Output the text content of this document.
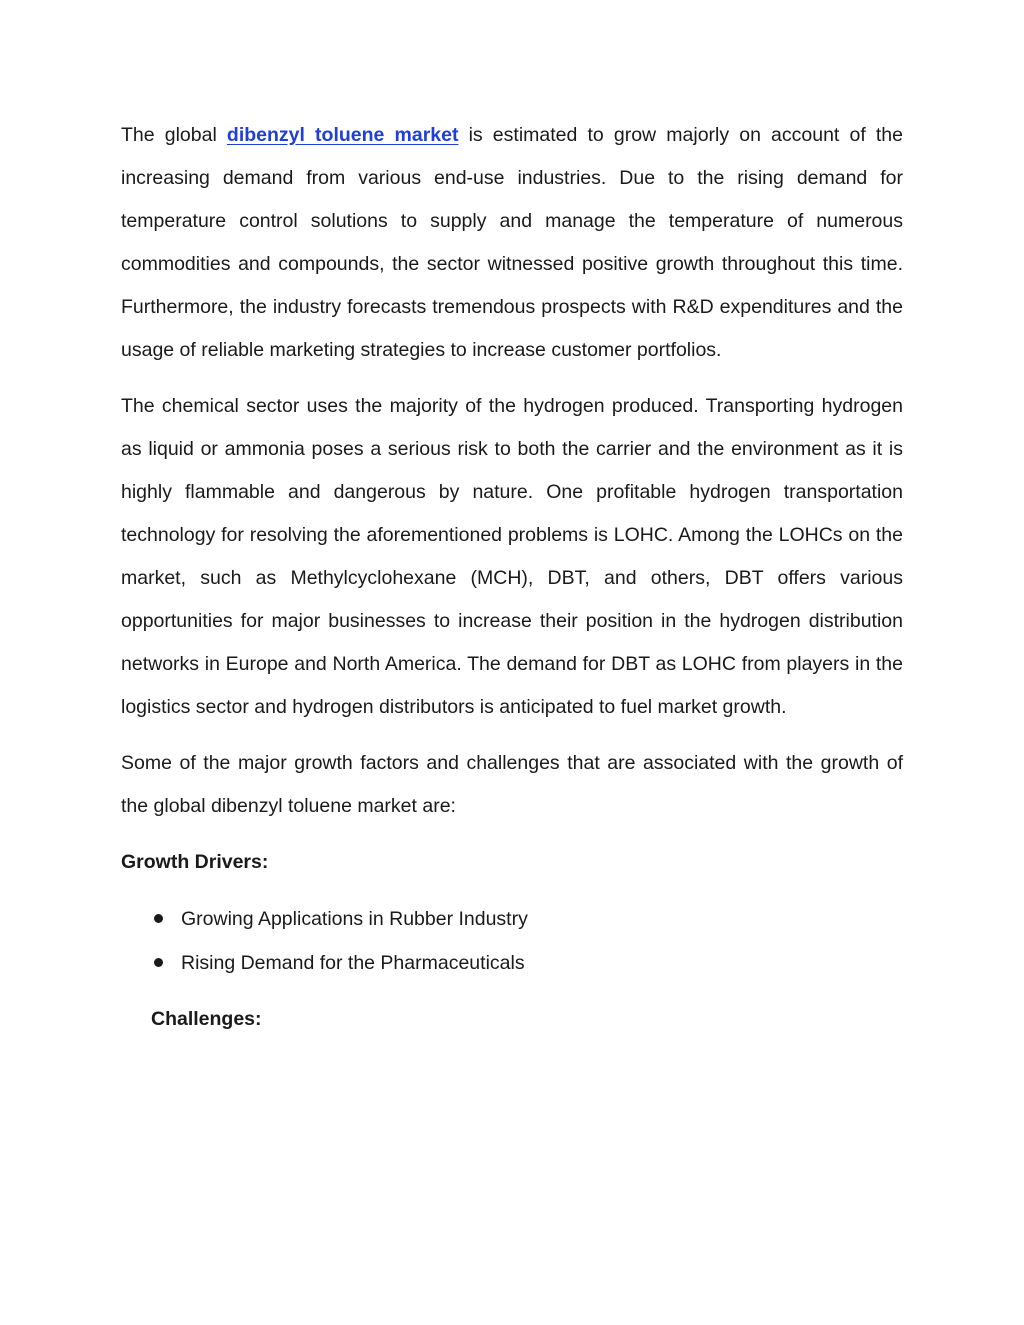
The global dibenzyl toluene market is estimated to grow majorly on account of the increasing demand from various end-use industries. Due to the rising demand for temperature control solutions to supply and manage the temperature of numerous commodities and compounds, the sector witnessed positive growth throughout this time. Furthermore, the industry forecasts tremendous prospects with R&D expenditures and the usage of reliable marketing strategies to increase customer portfolios.

The chemical sector uses the majority of the hydrogen produced. Transporting hydrogen as liquid or ammonia poses a serious risk to both the carrier and the environment as it is highly flammable and dangerous by nature. One profitable hydrogen transportation technology for resolving the aforementioned problems is LOHC. Among the LOHCs on the market, such as Methylcyclohexane (MCH), DBT, and others, DBT offers various opportunities for major businesses to increase their position in the hydrogen distribution networks in Europe and North America. The demand for DBT as LOHC from players in the logistics sector and hydrogen distributors is anticipated to fuel market growth.

Some of the major growth factors and challenges that are associated with the growth of the global dibenzyl toluene market are:

Growth Drivers:
Growing Applications in Rubber Industry
Rising Demand for the Pharmaceuticals
Challenges:
